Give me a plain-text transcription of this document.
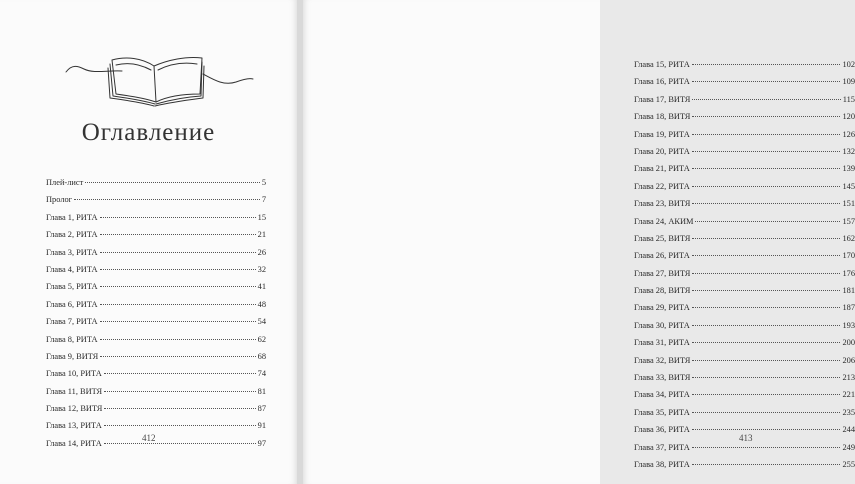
Оглавление
Плей-лист	5
Пролог	7
Глава 1, РИТА	15
Глава 2, РИТА	21
Глава 3, РИТА	26
Глава 4, РИТА	32
Глава 5, РИТА	41
Глава 6, РИТА	48
Глава 7, РИТА	54
Глава 8, РИТА	62
Глава 9, ВИТЯ	68
Глава 10, РИТА	74
Глава 11, ВИТЯ	81
Глава 12, ВИТЯ	87
Глава 13, РИТА	91
Глава 14, РИТА	97
412
Глава 15, РИТА	102
Глава 16, РИТА	109
Глава 17, ВИТЯ	115
Глава 18, ВИТЯ	120
Глава 19, РИТА	126
Глава 20, РИТА	132
Глава 21, РИТА	139
Глава 22, РИТА	145
Глава 23, ВИТЯ	151
Глава 24, АКИМ	157
Глава 25, ВИТЯ	162
Глава 26, РИТА	170
Глава 27, ВИТЯ	176
Глава 28, ВИТЯ	181
Глава 29, РИТА	187
Глава 30, РИТА	193
Глава 31, РИТА	200
Глава 32, ВИТЯ	206
Глава 33, ВИТЯ	213
Глава 34, РИТА	221
Глава 35, РИТА	235
Глава 36, РИТА	244
Глава 37, РИТА	249
Глава 38, РИТА	255
413
